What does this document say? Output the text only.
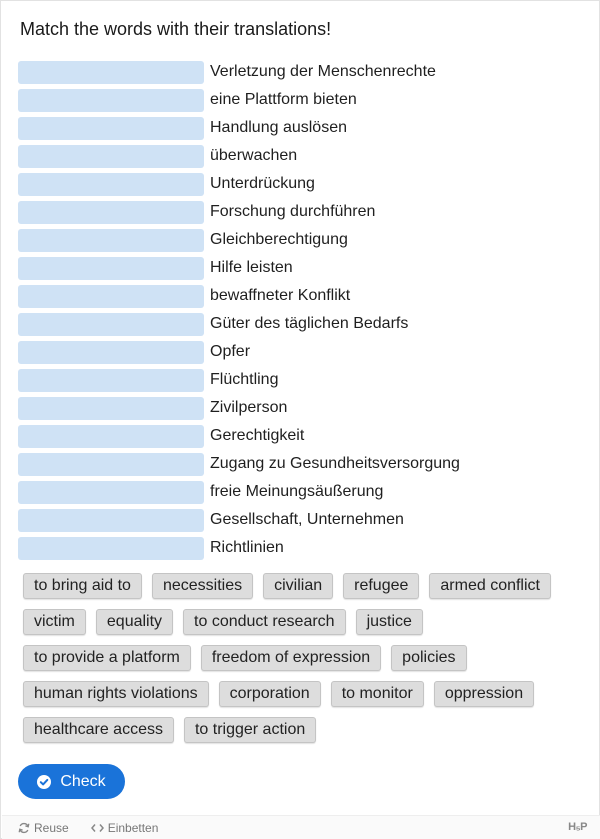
Match the words with their translations!
Verletzung der Menschenrechte
eine Plattform bieten
Handlung auslösen
überwachen
Unterdrückung
Forschung durchführen
Gleichberechtigung
Hilfe leisten
bewaffneter Konflikt
Güter des täglichen Bedarfs
Opfer
Flüchtling
Zivilperson
Gerechtigkeit
Zugang zu Gesundheitsversorgung
freie Meinungsäußerung
Gesellschaft, Unternehmen
Richtlinien
to bring aid to	necessities	civilian	refugee	armed conflict
victim	equality	to conduct research	justice
to provide a platform	freedom of expression	policies
human rights violations	corporation	to monitor	oppression
healthcare access	to trigger action
Check
Reuse	Einbetten	H₅P
